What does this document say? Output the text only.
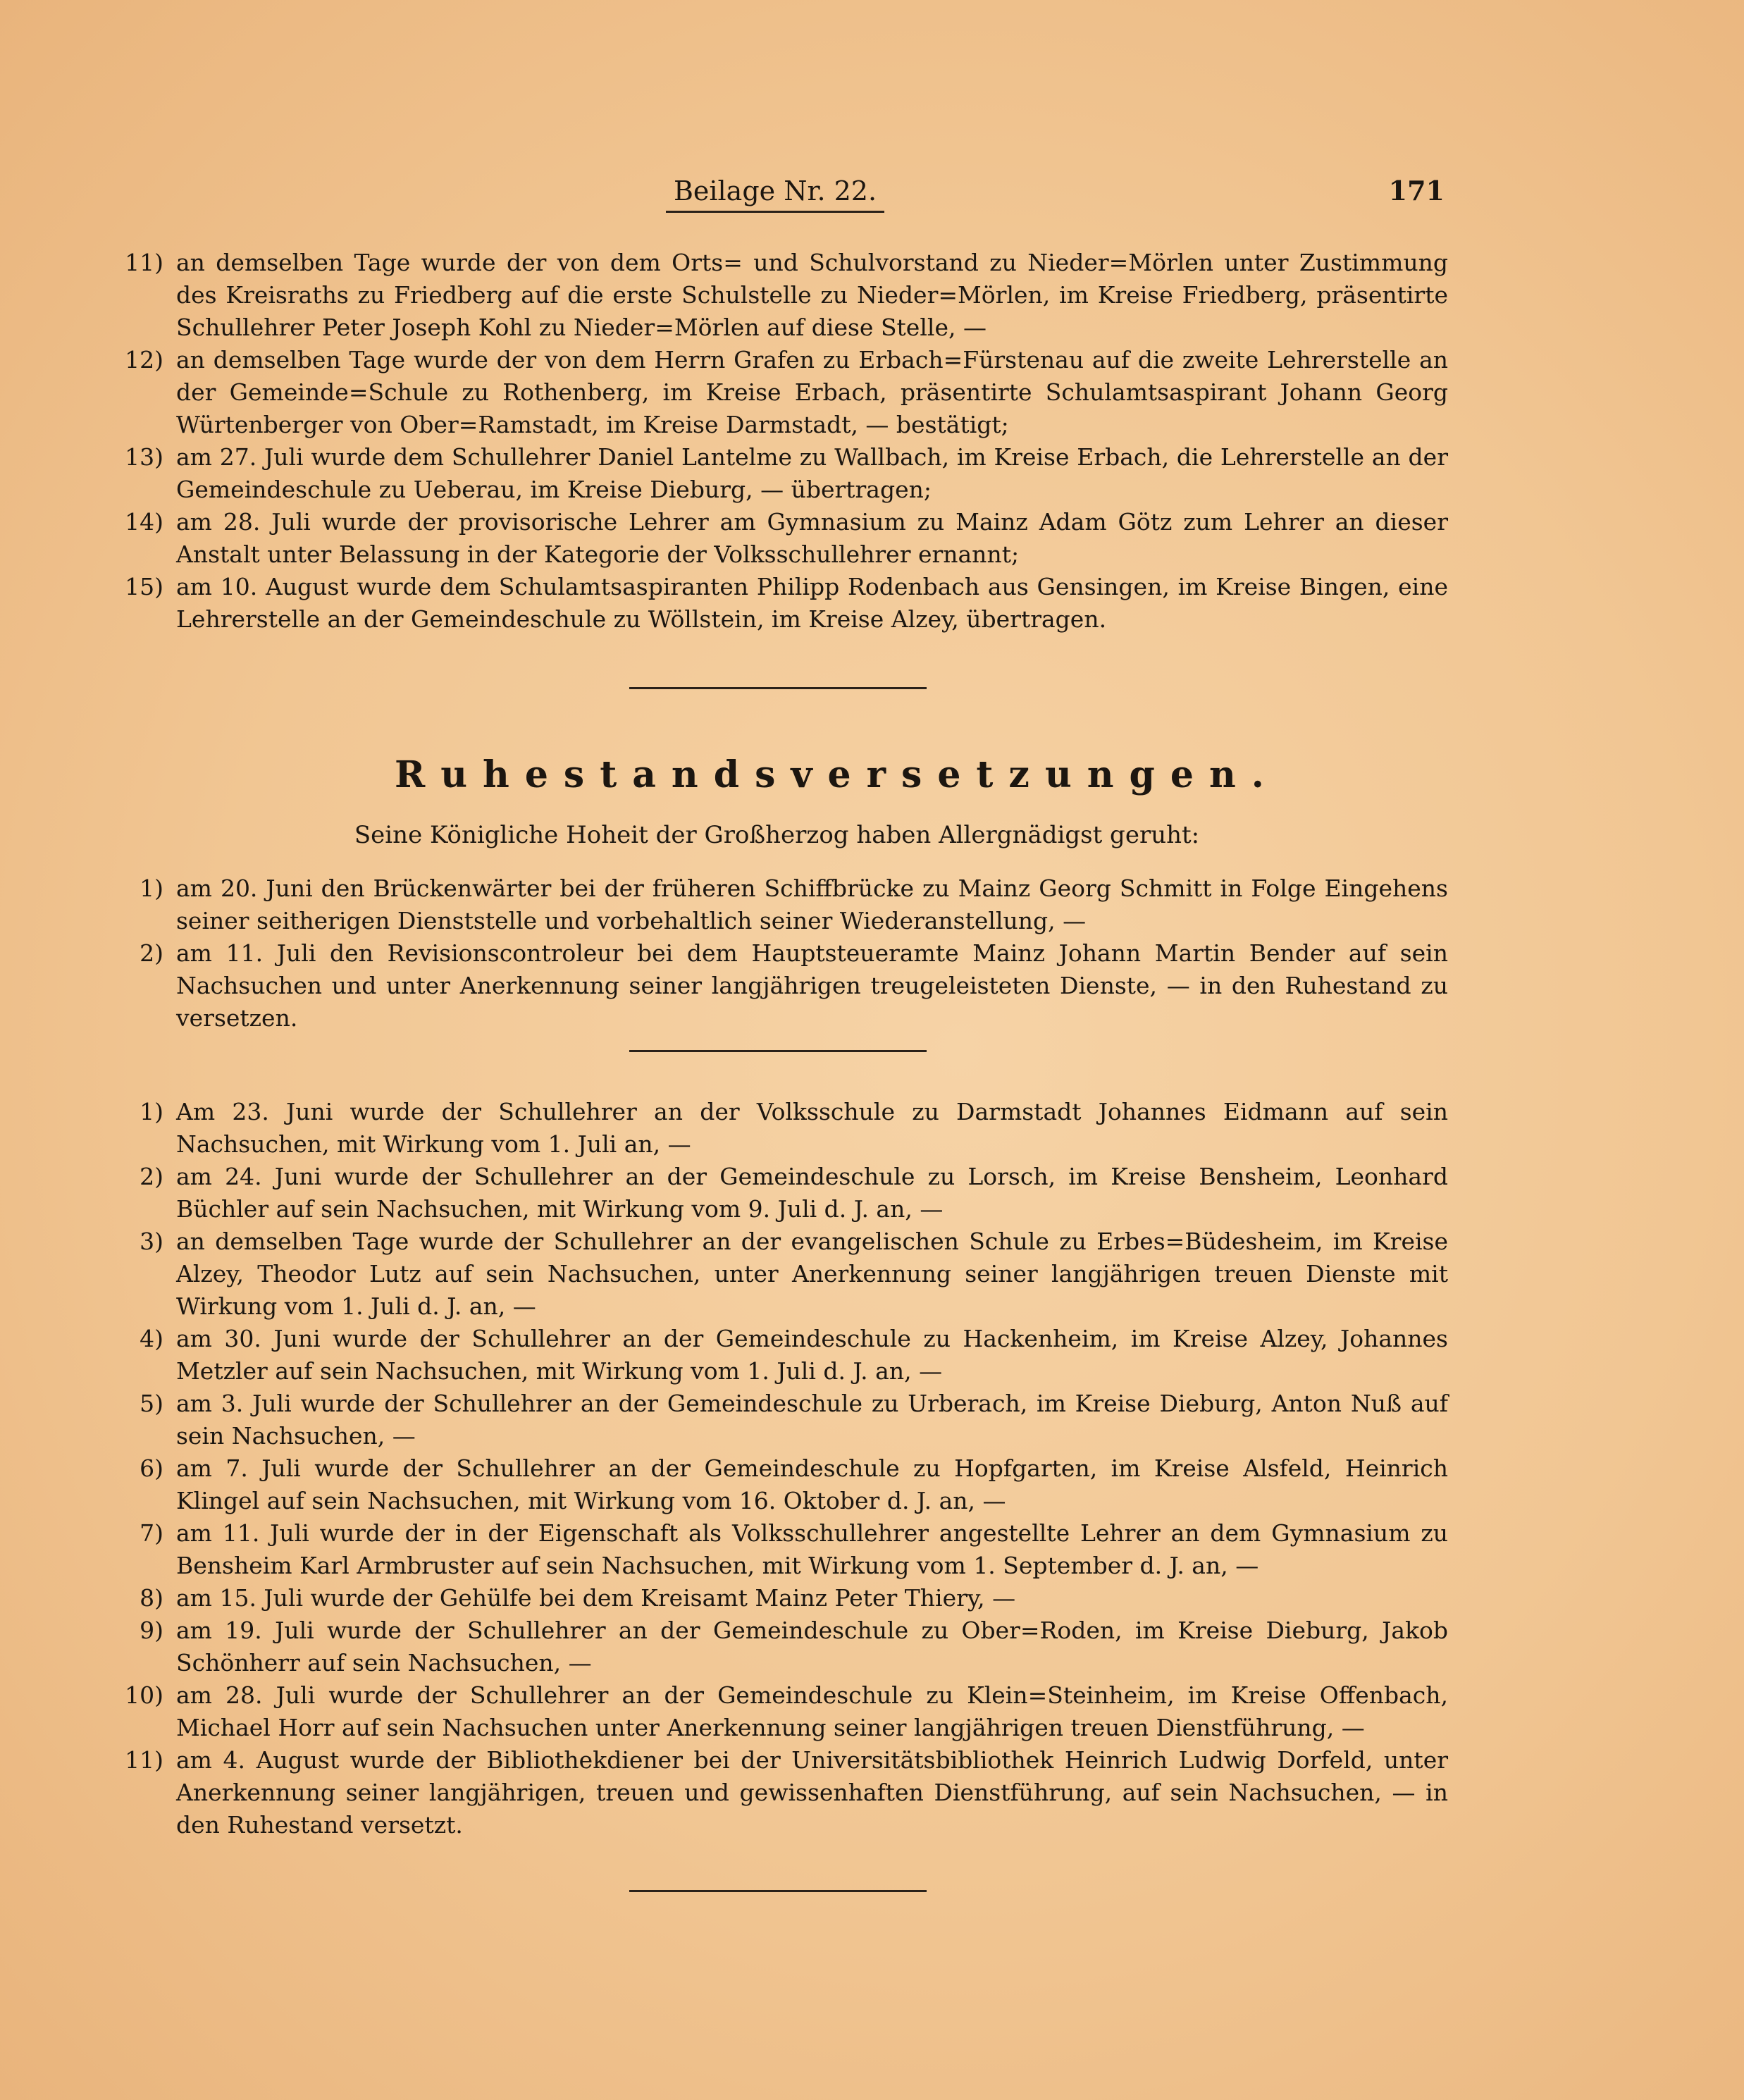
Beilage Nr. 22.	171
11) an demselben Tage wurde der von dem Orts= und Schulvorstand zu Nieder=Mörlen unter Zustimmung des Kreisraths zu Friedberg auf die erste Schulstelle zu Nieder=Mörlen, im Kreise Friedberg, präsentirte Schullehrer Peter Joseph Kohl zu Nieder=Mörlen auf diese Stelle, —
12) an demselben Tage wurde der von dem Herrn Grafen zu Erbach=Fürstenau auf die zweite Lehrerstelle an der Gemeinde=Schule zu Rothenberg, im Kreise Erbach, präsentirte Schulamtsaspirant Johann Georg Würtenberger von Ober=Ramstadt, im Kreise Darmstadt, — bestätigt;
13) am 27. Juli wurde dem Schullehrer Daniel Lantelme zu Wallbach, im Kreise Erbach, die Lehrerstelle an der Gemeindeschule zu Ueberau, im Kreise Dieburg, — übertragen;
14) am 28. Juli wurde der provisorische Lehrer am Gymnasium zu Mainz Adam Götz zum Lehrer an dieser Anstalt unter Belassung in der Kategorie der Volksschullehrer ernannt;
15) am 10. August wurde dem Schulamtsaspiranten Philipp Rodenbach aus Gensingen, im Kreise Bingen, eine Lehrerstelle an der Gemeindeschule zu Wöllstein, im Kreise Alzey, übertragen.
Ruhestandsversetzungen.
Seine Königliche Hoheit der Großherzog haben Allergnädigst geruht:
1) am 20. Juni den Brückenwärter bei der früheren Schiffbrücke zu Mainz Georg Schmitt in Folge Eingehens seiner seitherigen Dienststelle und vorbehaltlich seiner Wiederanstellung, —
2) am 11. Juli den Revisionscontroleur bei dem Hauptsteueramte Mainz Johann Martin Bender auf sein Nachsuchen und unter Anerkennung seiner langjährigen treugeleisteten Dienste, — in den Ruhestand zu versetzen.
1) Am 23. Juni wurde der Schullehrer an der Volksschule zu Darmstadt Johannes Eidmann auf sein Nachsuchen, mit Wirkung vom 1. Juli an, —
2) am 24. Juni wurde der Schullehrer an der Gemeindeschule zu Lorsch, im Kreise Bensheim, Leonhard Büchler auf sein Nachsuchen, mit Wirkung vom 9. Juli d. J. an, —
3) an demselben Tage wurde der Schullehrer an der evangelischen Schule zu Erbes=Büdesheim, im Kreise Alzey, Theodor Lutz auf sein Nachsuchen, unter Anerkennung seiner langjährigen treuen Dienste mit Wirkung vom 1. Juli d. J. an, —
4) am 30. Juni wurde der Schullehrer an der Gemeindeschule zu Hackenheim, im Kreise Alzey, Johannes Metzler auf sein Nachsuchen, mit Wirkung vom 1. Juli d. J. an, —
5) am 3. Juli wurde der Schullehrer an der Gemeindeschule zu Urberach, im Kreise Dieburg, Anton Nuß auf sein Nachsuchen, —
6) am 7. Juli wurde der Schullehrer an der Gemeindeschule zu Hopfgarten, im Kreise Alsfeld, Heinrich Klingel auf sein Nachsuchen, mit Wirkung vom 16. Oktober d. J. an, —
7) am 11. Juli wurde der in der Eigenschaft als Volksschullehrer angestellte Lehrer an dem Gymnasium zu Bensheim Karl Armbruster auf sein Nachsuchen, mit Wirkung vom 1. September d. J. an, —
8) am 15. Juli wurde der Gehülfe bei dem Kreisamt Mainz Peter Thiery, —
9) am 19. Juli wurde der Schullehrer an der Gemeindeschule zu Ober=Roden, im Kreise Dieburg, Jakob Schönherr auf sein Nachsuchen, —
10) am 28. Juli wurde der Schullehrer an der Gemeindeschule zu Klein=Steinheim, im Kreise Offenbach, Michael Horr auf sein Nachsuchen unter Anerkennung seiner langjährigen treuen Dienstführung, —
11) am 4. August wurde der Bibliothekdiener bei der Universitätsbibliothek Heinrich Ludwig Dorfeld, unter Anerkennung seiner langjährigen, treuen und gewissenhaften Dienstführung, auf sein Nachsuchen, — in den Ruhestand versetzt.
